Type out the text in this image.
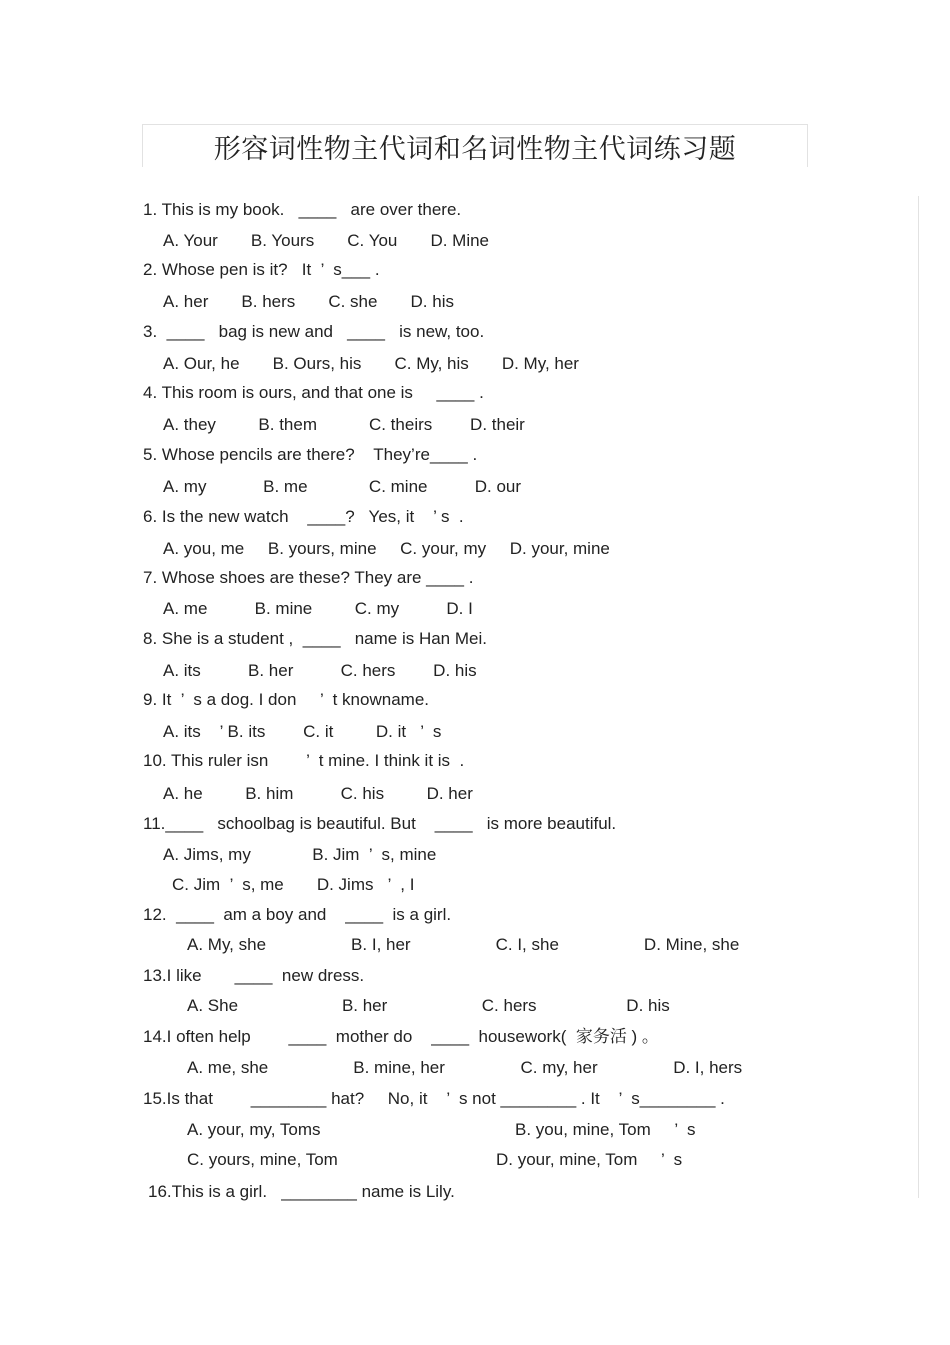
形容词性物主代词和名词性物主代词练习题
1. This is my book.   ____   are over there.
A. Your       B. Yours       C. You       D. Mine
2. Whose pen is it?   It  ’  s___ .
A. her       B. hers       C. she       D. his
3.  ____   bag is new and   ____   is new, too.
A. Our, he       B. Ours, his       C. My, his       D. My, her
4. This room is ours, and that one is     ____ .
A. they         B. them           C. theirs        D. their
5. Whose pencils are there?    They’re____ .
A. my            B. me             C. mine          D. our
6. Is the new watch    ____?   Yes, it    ’ s  .
A. you, me     B. yours, mine     C. your, my     D. your, mine
7. Whose shoes are these? They are ____ .
A. me          B. mine         C. my          D. I
8. She is a student ,  ____   name is Han Mei.
A. its          B. her          C. hers        D. his
9. It  ’  s a dog. I don     ’  t knowname.
A. its    ’ B. its        C. it         D. it   ’  s
10. This ruler isn        ’  t mine. I think it is  .
A. he         B. him          C. his         D. her
11.____   schoolbag is beautiful. But    ____   is more beautiful.
A. Jims, my             B. Jim  ’  s, mine
C. Jim  ’  s, me       D. Jims   ’  , I
12.  ____  am a boy and    ____  is a girl.
A. My, she                  B. I, her                  C. I, she                  D. Mine, she
13.I like       ____  new dress.
A. She                      B. her                    C. hers                   D. his
14.I often help        ____  mother do    ____  housework(  家务活 ) 。
A. me, she                  B. mine, her                C. my, her                D. I, hers
15.Is that        ________ hat?     No, it    ’  s not ________ . It    ’  s________ .
A. your, my, Toms	B. you, mine, Tom     ’  s
C. yours, mine, Tom	D. your, mine, Tom     ’  s
16.This is a girl.   ________ name is Lily.
